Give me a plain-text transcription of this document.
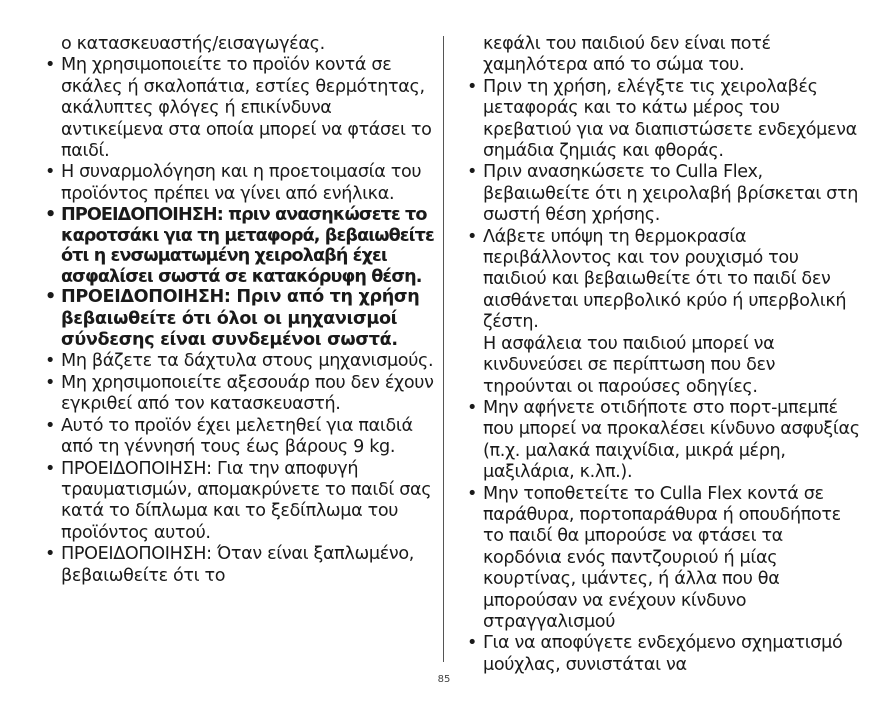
ο κατασκευαστής/εισαγωγέας.

• Μη χρησιμοποιείτε το προϊόν κοντά σε σκάλες ή σκαλοπάτια, εστίες θερμότητας, ακάλυπτες φλόγες ή επικίνδυνα αντικείμενα στα οποία μπορεί να φτάσει το παιδί.
• Η συναρμολόγηση και η προετοιμασία του προϊόντος πρέπει να γίνει από ενήλικα.
• ΠΡΟΕΙΔΟΠΟΙΗΣΗ: πριν ανασηκώσετε το καροτσάκι για τη μεταφορά, βεβαιωθείτε ότι η ενσωματωμένη χειρολαβή έχει ασφαλίσει σωστά σε κατακόρυφη θέση.
• ΠΡΟΕΙΔΟΠΟΙΗΣΗ: Πριν από τη χρήση βεβαιωθείτε ότι όλοι οι μηχανισμοί σύνδεσης είναι συνδεμένοι σωστά.
• Μη βάζετε τα δάχτυλα στους μηχανισμούς.
• Μη χρησιμοποιείτε αξεσουάρ που δεν έχουν εγκριθεί από τον κατασκευαστή.
• Αυτό το προϊόν έχει μελετηθεί για παιδιά από τη γέννησή τους έως βάρους 9 kg.
• ΠΡΟΕΙΔΟΠΟΙΗΣΗ: Για την αποφυγή τραυματισμών, απομακρύνετε το παιδί σας κατά το δίπλωμα και το ξεδίπλωμα του προϊόντος αυτού.
• ΠΡΟΕΙΔΟΠΟΙΗΣΗ: Όταν είναι ξαπλωμένο, βεβαιωθείτε ότι το

κεφάλι του παιδιού δεν είναι ποτέ χαμηλότερα από το σώμα του.

• Πριν τη χρήση, ελέγξτε τις χειρολαβές μεταφοράς και το κάτω μέρος του κρεβατιού για να διαπιστώσετε ενδεχόμενα σημάδια ζημιάς και φθοράς.
• Πριν ανασηκώσετε το Culla Flex, βεβαιωθείτε ότι η χειρολαβή βρίσκεται στη σωστή θέση χρήσης.
• Λάβετε υπόψη τη θερμοκρασία περιβάλλοντος και τον ρουχισμό του παιδιού και βεβαιωθείτε ότι το παιδί δεν αισθάνεται υπερβολικό κρύο ή υπερβολική ζέστη.

Η ασφάλεια του παιδιού μπορεί να κινδυνεύσει σε περίπτωση που δεν τηρούνται οι παρούσες οδηγίες.

• Μην αφήνετε οτιδήποτε στο πορτ-μπεμπέ που μπορεί να προκαλέσει κίνδυνο ασφυξίας (π.χ. μαλακά παιχνίδια, μικρά μέρη, μαξιλάρια, κ.λπ.).
• Μην τοποθετείτε το Culla Flex κοντά σε παράθυρα, πορτοπαράθυρα ή οπουδήποτε το παιδί θα μπορούσε να φτάσει τα κορδόνια ενός παντζουριού ή μίας κουρτίνας, ιμάντες, ή άλλα που θα μπορούσαν να ενέχουν κίνδυνο στραγγαλισμού
• Για να αποφύγετε ενδεχόμενο σχηματισμό μούχλας, συνιστάται να
85
